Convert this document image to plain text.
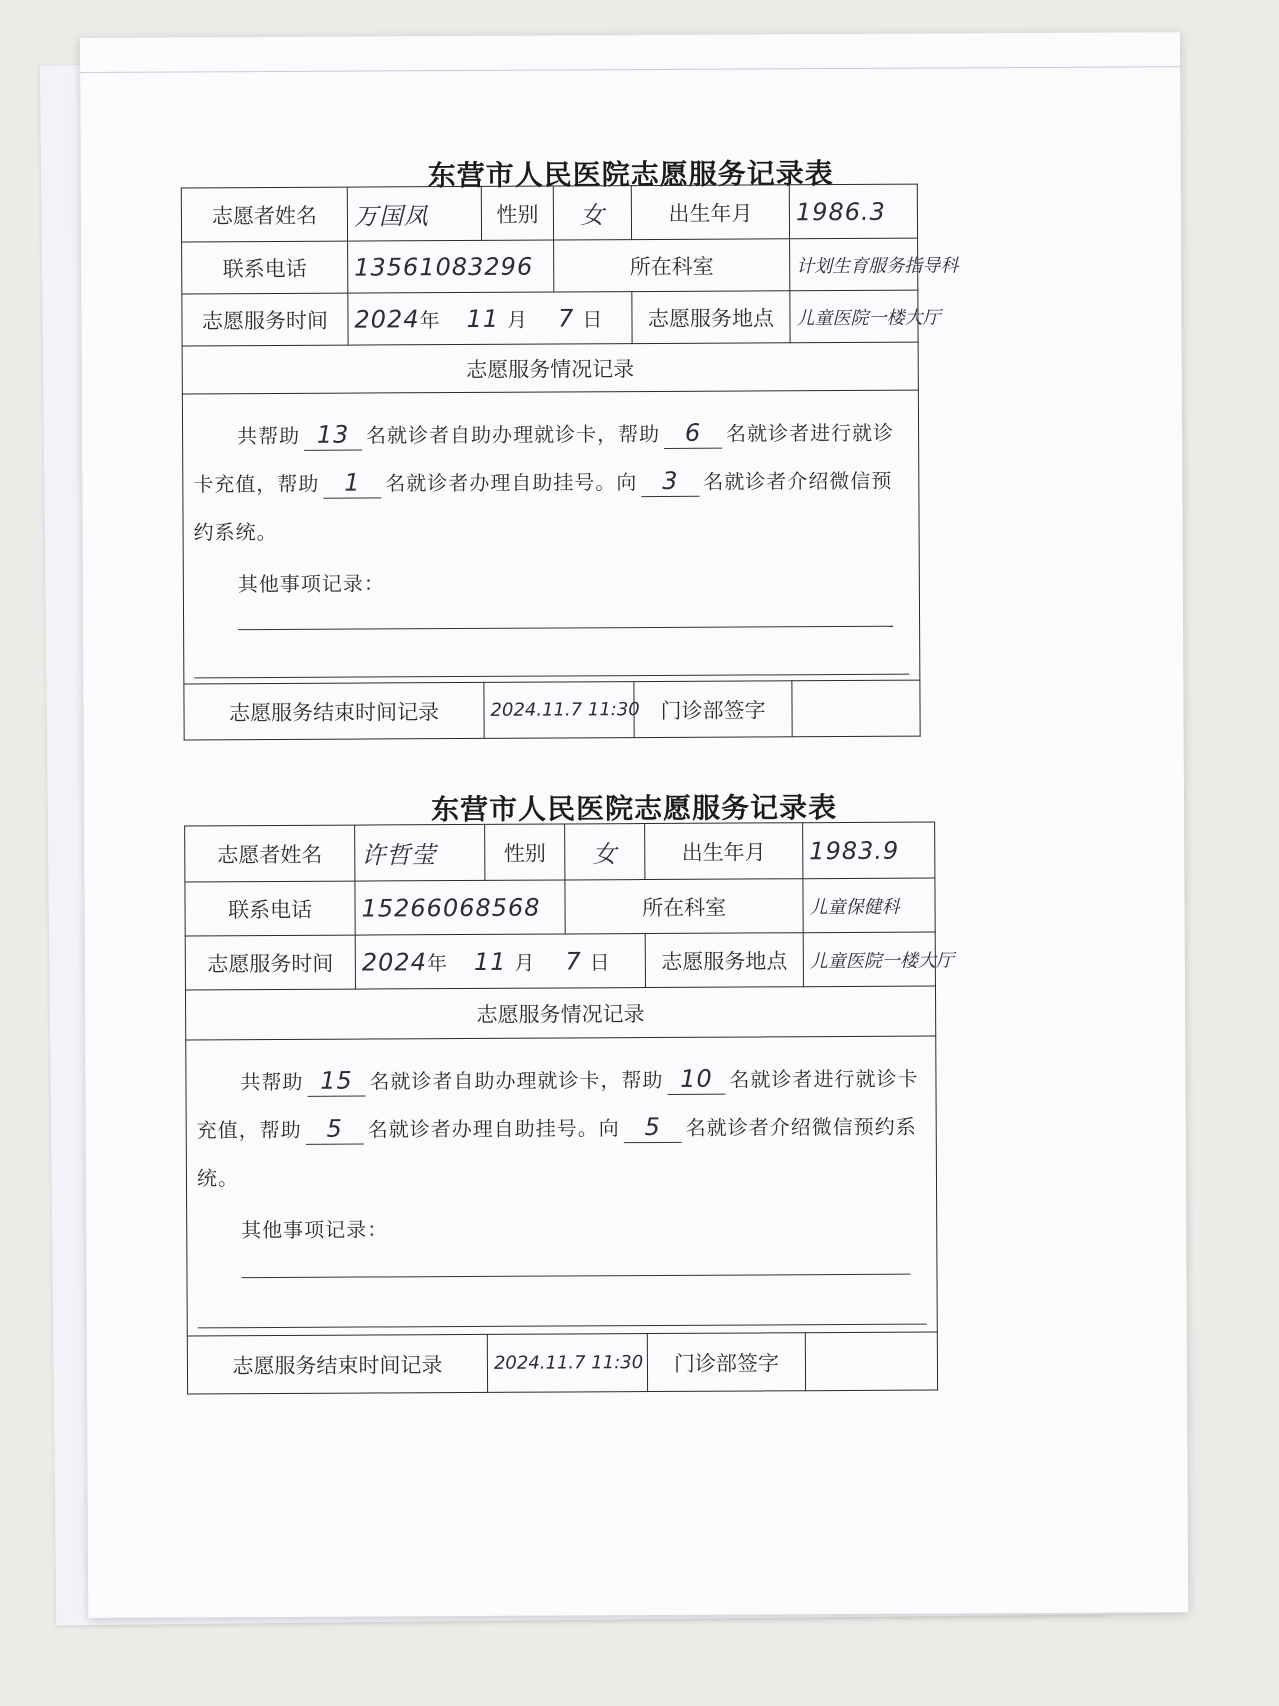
东营市人民医院志愿服务记录表
志愿者姓名	万国凤	性别	女	出生年月	1986.3
联系电话	13561083296		所在科室		计划生育服务指导科
志愿服务时间	2024年 11 月 7 日			志愿服务地点	儿童医院一楼大厅
志愿服务情况记录					

共帮助 13 名就诊者自助办理就诊卡，帮助 6 名就诊者进行就诊卡充值，帮助 1 名就诊者办理自助挂号。向 3 名就诊者介绍微信预约系统。
其他事项记录：					

志愿服务结束时间记录		2024.11.7 11:30		门诊部签字	
东营市人民医院志愿服务记录表
志愿者姓名	许哲莹	性别	女	出生年月	1983.9
联系电话	15266068568		所在科室		儿童保健科
志愿服务时间	2024年 11 月 7 日			志愿服务地点	儿童医院一楼大厅
志愿服务情况记录					

共帮助 15 名就诊者自助办理就诊卡，帮助 10 名就诊者进行就诊卡充值，帮助 5 名就诊者办理自助挂号。向 5 名就诊者介绍微信预约系统。
其他事项记录：					

志愿服务结束时间记录		2024.11.7 11:30		门诊部签字	
